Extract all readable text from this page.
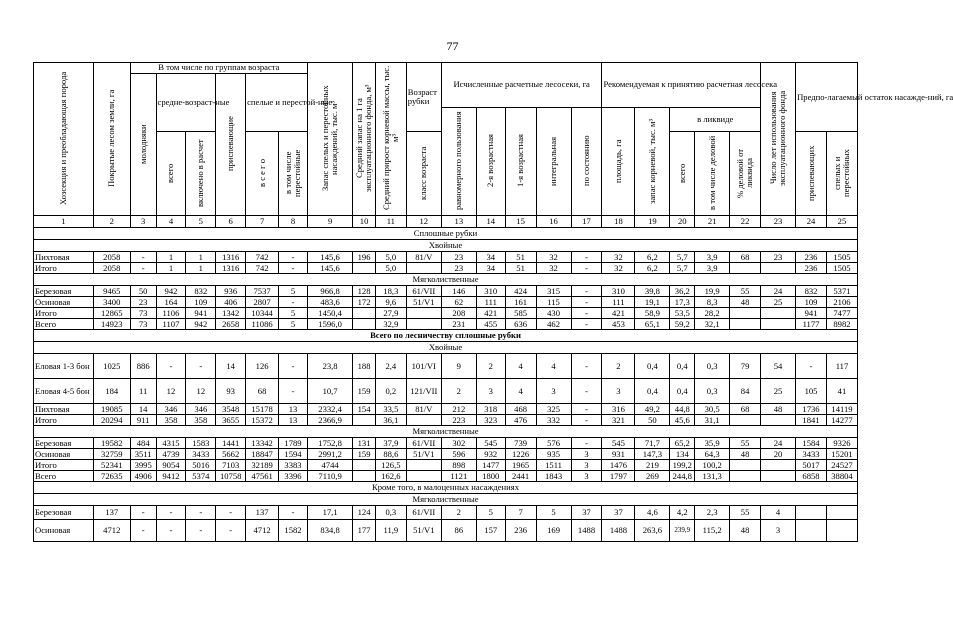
77
Хозсекция и преобладающая порода	Покрытые лесом земли, га	В том числе по группам возраста						Запас спелых и перестойных насаждений, тыс. м³	Средний запас на 1 га эксплуатационного фонда, м³	Средний прирост корневой массы, тыс. м³	Возраст рубки	Исчисленные расчетные лесосеки, га					Рекомендуемая к принятию расчетная лесосека					Число лет использования эксплуатационного фонда	Предпо-лагаемый остаток насажде-ний, га	
		молодняки	средне-возраст-ные		приспевающие	спелые и перестой-ные																		
												равномерного пользования	2-я возрастная	1-я возрастная	интегральная	по состоянию	площадь, га	запас корневой, тыс. м³	в ликвиде					
			всего	включено в расчет		в с е г о	в том числе перестойные				класс возраста								всего	в том числе деловой	% деловой от ликвида		приспевающих	спелых и перестойных
1	2	3	4	5	6	7	8	9	10	11	12	13	14	15	16	17	18	19	20	21	22	23	24	25
Сплошные рубки																								
Хвойные																								
Пихтовая	2058	-	1	1	1316	742	-	145,6	196	5,0	81/V	23	34	51	32	-	32	6,2	5,7	3,9	68	23	236	1505
Итого	2058	-	1	1	1316	742	-	145,6		5,0		23	34	51	32	-	32	6,2	5,7	3,9			236	1505
Мягколиственные																								
Березовая	9465	50	942	832	936	7537	5	966,8	128	18,3	61/VII	146	310	424	315	-	310	39,8	36,2	19,9	55	24	832	5371
Осиновая	3400	23	164	109	406	2807	-	483,6	172	9,6	51/V1	62	111	161	115	-	111	19,1	17,3	8,3	48	25	109	2106
Итого	12865	73	1106	941	1342	10344	5	1450,4		27,9		208	421	585	430	-	421	58,9	53,5	28,2			941	7477
Всего	14923	73	1107	942	2658	11086	5	1596,0		32,9		231	455	636	462	-	453	65,1	59,2	32,1			1177	8982
Всего по лесничеству сплошные рубки																								
Хвойные																								
Еловая 1-3 бон	1025	886	-	-	14	126	-	23,8	188	2,4	101/VI	9	2	4	4	-	2	0,4	0,4	0,3	79	54	-	117
Еловая 4-5 бон	184	11	12	12	93	68	-	10,7	159	0,2	121/VII	2	3	4	3	-	3	0,4	0,4	0,3	84	25	105	41
Пихтовая	19085	14	346	346	3548	15178	13	2332,4	154	33,5	81/V	212	318	468	325	-	316	49,2	44,8	30,5	68	48	1736	14119
Итого	20294	911	358	358	3655	15372	13	2366,9		36,1		223	323	476	332	-	321	50	45,6	31,1			1841	14277
Мягколиственные																								
Березовая	19582	484	4315	1583	1441	13342	1789	1752,8	131	37,9	61/VII	302	545	739	576	-	545	71,7	65,2	35,9	55	24	1584	9326
Осиновая	32759	3511	4739	3433	5662	18847	1594	2991,2	159	88,6	51/V1	596	932	1226	935	3	931	147,3	134	64,3	48	20	3433	15201
Итого	52341	3995	9054	5016	7103	32189	3383	4744		126,5		898	1477	1965	1511	3	1476	219	199,2	100,2			5017	24527
Всего	72635	4906	9412	5374	10758	47561	3396	7110,9		162,6		1121	1800	2441	1843	3	1797	269	244,8	131,3			6858	38804
Кроме того, в малоценных насаждениях																								
Мягколиственные																								
Березовая	137	-	-	-	-	137	-	17,1	124	0,3	61/VII	2	5	7	5	37	37	4,6	4,2	2,3	55	4		
Осиновая	4712	-	-	-	-	4712	1582	834,8	177	11,9	51/V1	86	157	236	169	1488	1488	263,6	239,9	115,2	48	3		
